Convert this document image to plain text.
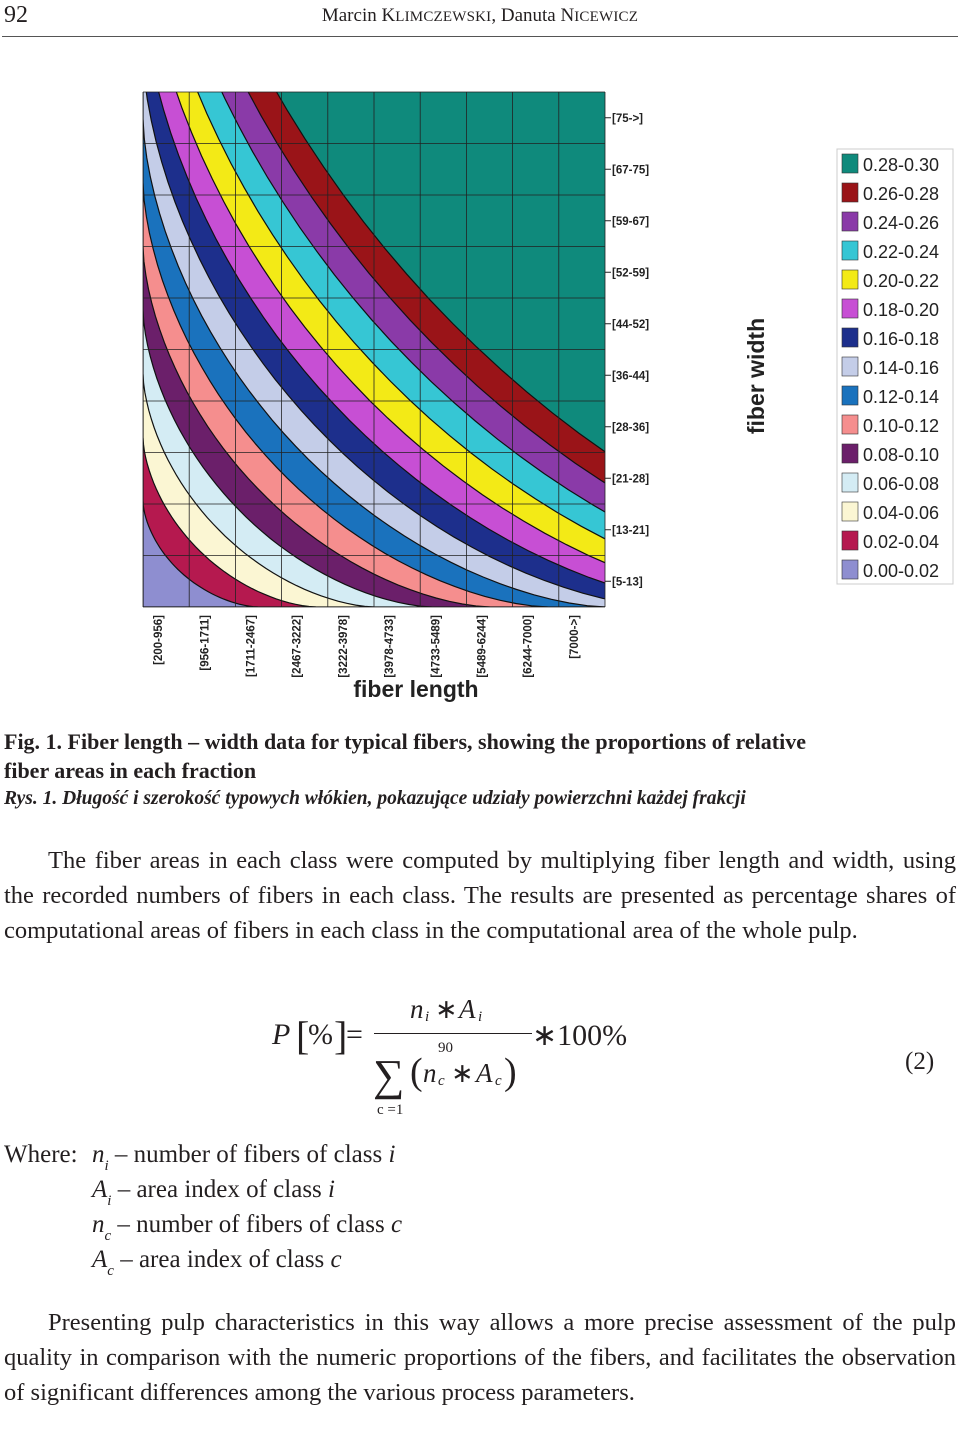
92	Marcin KLIMCZEWSKI, Danuta NICEWICZ
[200-956]	[956-1711]	[1711-2467]	[2467-3222]	[3222-3978]	[3978-4733]	[4733-5489]	[5489-6244]	[6244-7000]	[7000->]
[5-13]
[13-21]
[21-28]
[28-36]
[36-44]
[44-52]
[52-59]
[59-67]
[67-75]
[75->]
0.28-0.30
0.26-0.28
0.24-0.26
0.22-0.24
0.20-0.22
0.18-0.20
0.16-0.18
0.14-0.16
0.12-0.14
0.10-0.12
0.08-0.10
0.06-0.08
0.04-0.06
0.02-0.04
0.00-0.02
fiber width
fiber length
Fig. 1. Fiber length – width data for typical fibers, showing the proportions of relative
fiber areas in each fraction
Rys. 1. Długość i szerokość typowych włókien, pokazujące udziały powierzchni każdej frakcji
The fiber areas in each class were computed by multiplying fiber length and width, using the recorded numbers of fibers in each class. The results are presented as percentage shares of computational areas of fibers in each class in the computational area of the whole pulp.
P [
% ]
=
n i ∗ A i
90
∑ ( n c ∗ A c )
c =1
∗100%
(2)
Where: $n_i$ – number of fibers of class i
$A_i$ – area index of class i
$n_c$ – number of fibers of class c
$A_c$ – area index of class c
Presenting pulp characteristics in this way allows a more precise assessment of the pulp quality in comparison with the numeric proportions of the fibers, and facilitates the observation of significant differences among the various process parameters.
